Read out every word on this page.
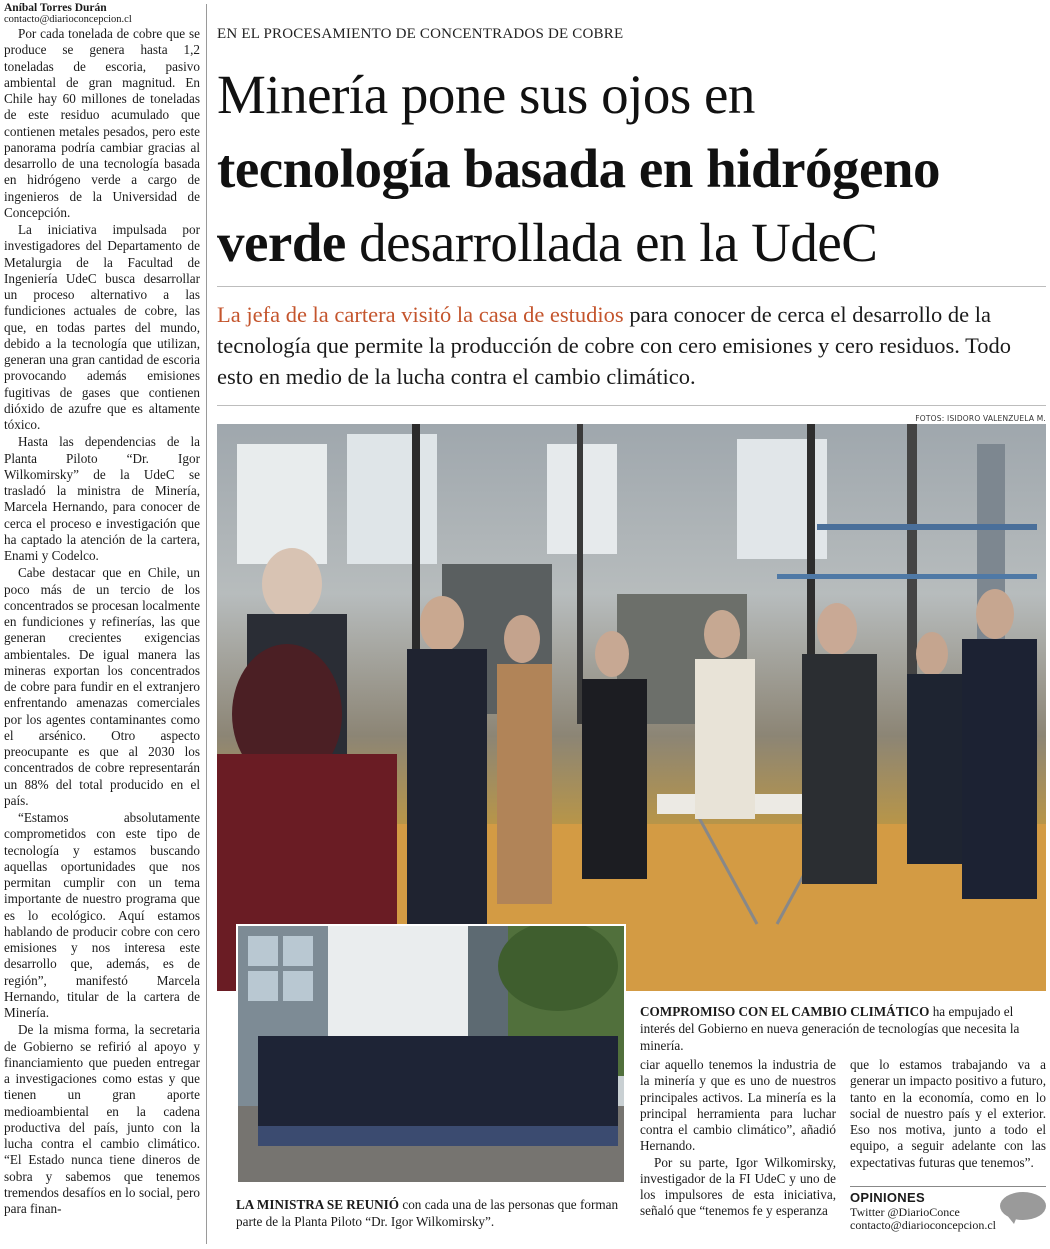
Aníbal Torres Durán
contacto@diarioconcepcion.cl

Por cada tonelada de cobre que se produce se genera hasta 1,2 toneladas de escoria, pasivo ambiental de gran magnitud. En Chile hay 60 millones de toneladas de este residuo acumulado que contienen metales pesados, pero este panorama podría cambiar gracias al desarrollo de una tecnología basada en hidrógeno verde a cargo de ingenieros de la Universidad de Concepción.

La iniciativa impulsada por investigadores del Departamento de Metalurgia de la Facultad de Ingeniería UdeC busca desarrollar un proceso alternativo a las fundiciones actuales de cobre, las que, en todas partes del mundo, debido a la tecnología que utilizan, generan una gran cantidad de escoria provocando además emisiones fugitivas de gases que contienen dióxido de azufre que es altamente tóxico.

Hasta las dependencias de la Planta Piloto “Dr. Igor Wilkomirsky” de la UdeC se trasladó la ministra de Minería, Marcela Hernando, para conocer de cerca el proceso e investigación que ha captado la atención de la cartera, Enami y Codelco.

Cabe destacar que en Chile, un poco más de un tercio de los concentrados se procesan localmente en fundiciones y refinerías, las que generan crecientes exigencias ambientales. De igual manera las mineras exportan los concentrados de cobre para fundir en el extranjero enfrentando amenazas comerciales por los agentes contaminantes como el arsénico. Otro aspecto preocupante es que al 2030 los concentrados de cobre representarán un 88% del total producido en el país.

“Estamos absolutamente comprometidos con este tipo de tecnología y estamos buscando aquellas oportunidades que nos permitan cumplir con un tema importante de nuestro programa que es lo ecológico. Aquí estamos hablando de producir cobre con cero emisiones y nos interesa este desarrollo que, además, es de región”, manifestó Marcela Hernando, titular de la cartera de Minería.

De la misma forma, la secretaria de Gobierno se refirió al apoyo y financiamiento que pueden entregar a investigaciones como estas y que tienen un gran aporte medioambiental en la cadena productiva del país, junto con la lucha contra el cambio climático. “El Estado nunca tiene dineros de sobra y sabemos que tenemos tremendos desafíos en lo social, pero para finan-

EN EL PROCESAMIENTO DE CONCENTRADOS DE COBRE
Minería pone sus ojos en
tecnología basada en hidrógeno
verde desarrollada en la UdeC
La jefa de la cartera visitó la casa de estudios para conocer de cerca el desarrollo de la tecnología que permite la producción de cobre con cero emisiones y cero residuos. Todo esto en medio de la lucha contra el cambio climático.
FOTOS: ISIDORO VALENZUELA M.
COMPROMISO CON EL CAMBIO CLIMÁTICO ha empujado el interés del Gobierno en nueva generación de tecnologías que necesita la minería.
LA MINISTRA SE REUNIÓ con cada una de las personas que forman parte de la Planta Piloto “Dr. Igor Wilkomirsky”.

ciar aquello tenemos la industria de la minería y que es uno de nuestros principales activos. La minería es la principal herramienta para luchar contra el cambio climático”, añadió Hernando.

Por su parte, Igor Wilkomirsky, investigador de la FI UdeC y uno de los impulsores de esta iniciativa, señaló que “tenemos fe y esperanza

que lo estamos trabajando va a generar un impacto positivo a futuro, tanto en la economía, como en lo social de nuestro país y el exterior. Eso nos motiva, junto a todo el equipo, a seguir adelante con las expectativas futuras que tenemos”.

OPINIONES
Twitter @DiarioConce
contacto@diarioconcepcion.cl
